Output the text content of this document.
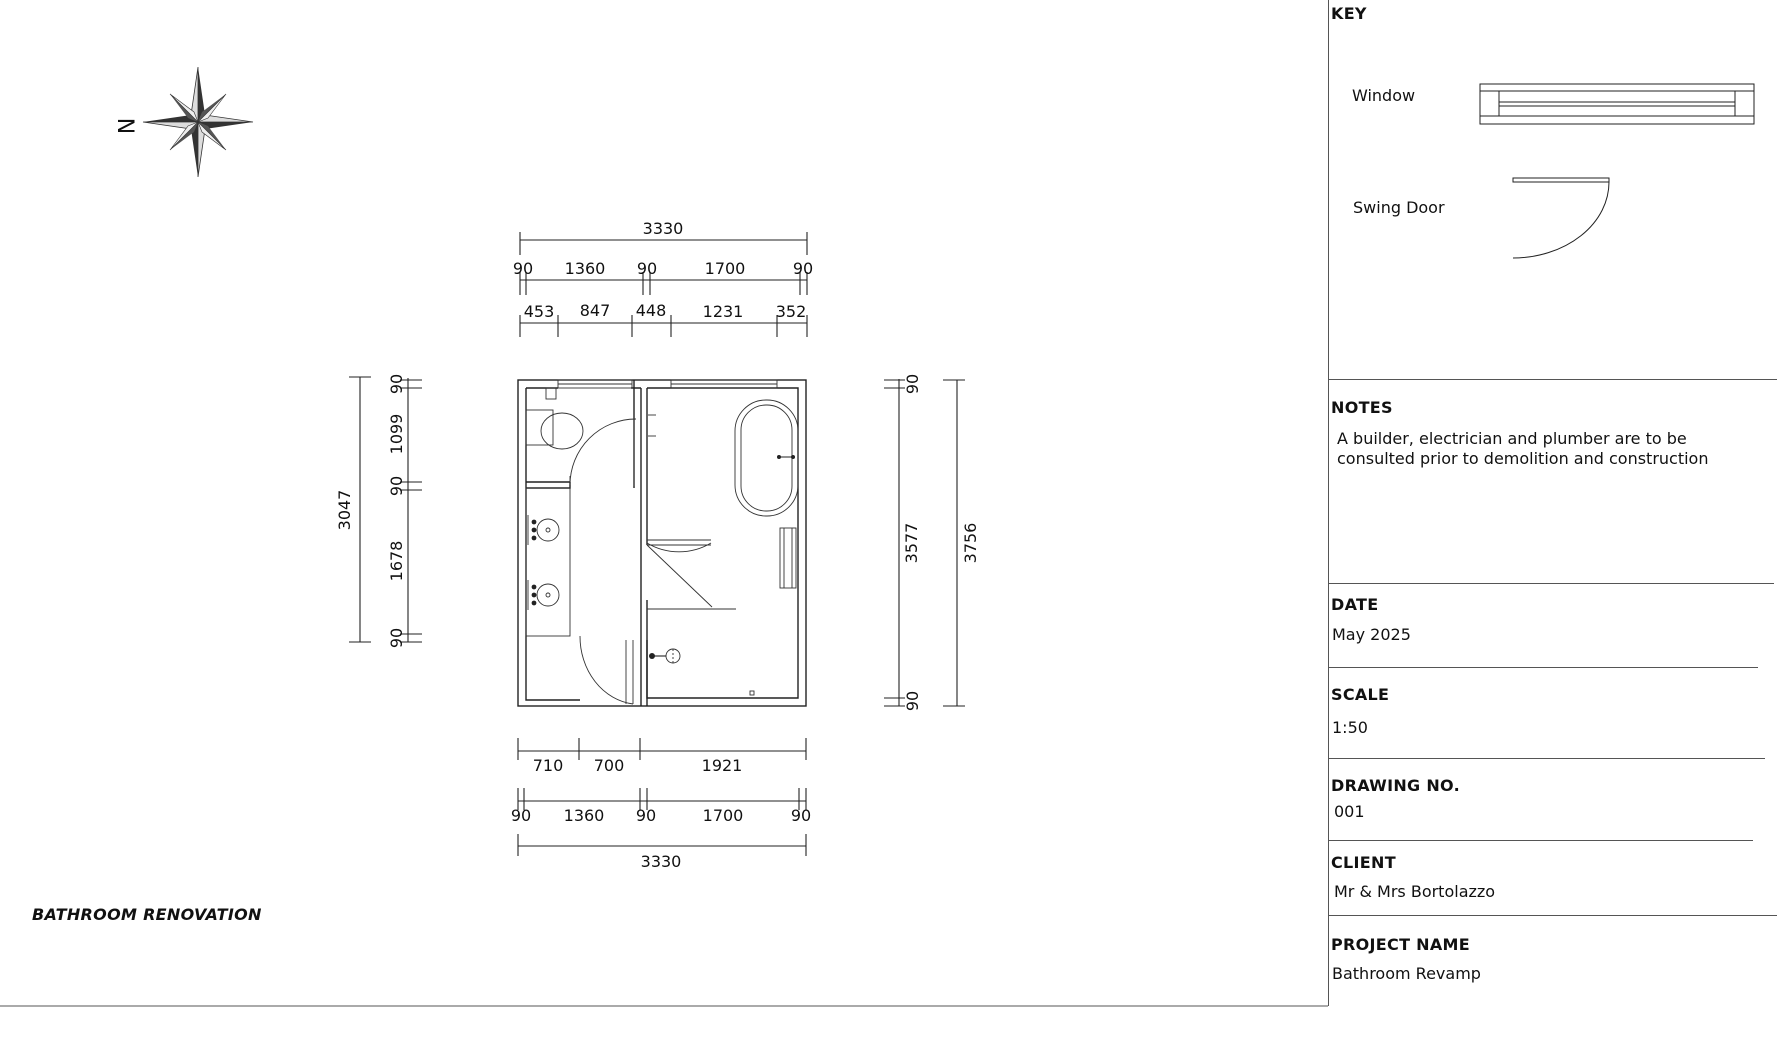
N
3330
90 1360 90	1700	90
453 847 448 1231 352
710 700	1921
90 1360 90	1700	90
3330
3047
90
1099
90
1678
90
90
3577
90
3756
BATHROOM RENOVATION
KEY
Window
Swing Door
NOTES
A builder, electrician and plumber are to be consulted prior to demolition and construction
DATE
May 2025
SCALE
1:50
DRAWING NO.
001
CLIENT
Mr & Mrs Bortolazzo
PROJECT NAME
Bathroom Revamp
